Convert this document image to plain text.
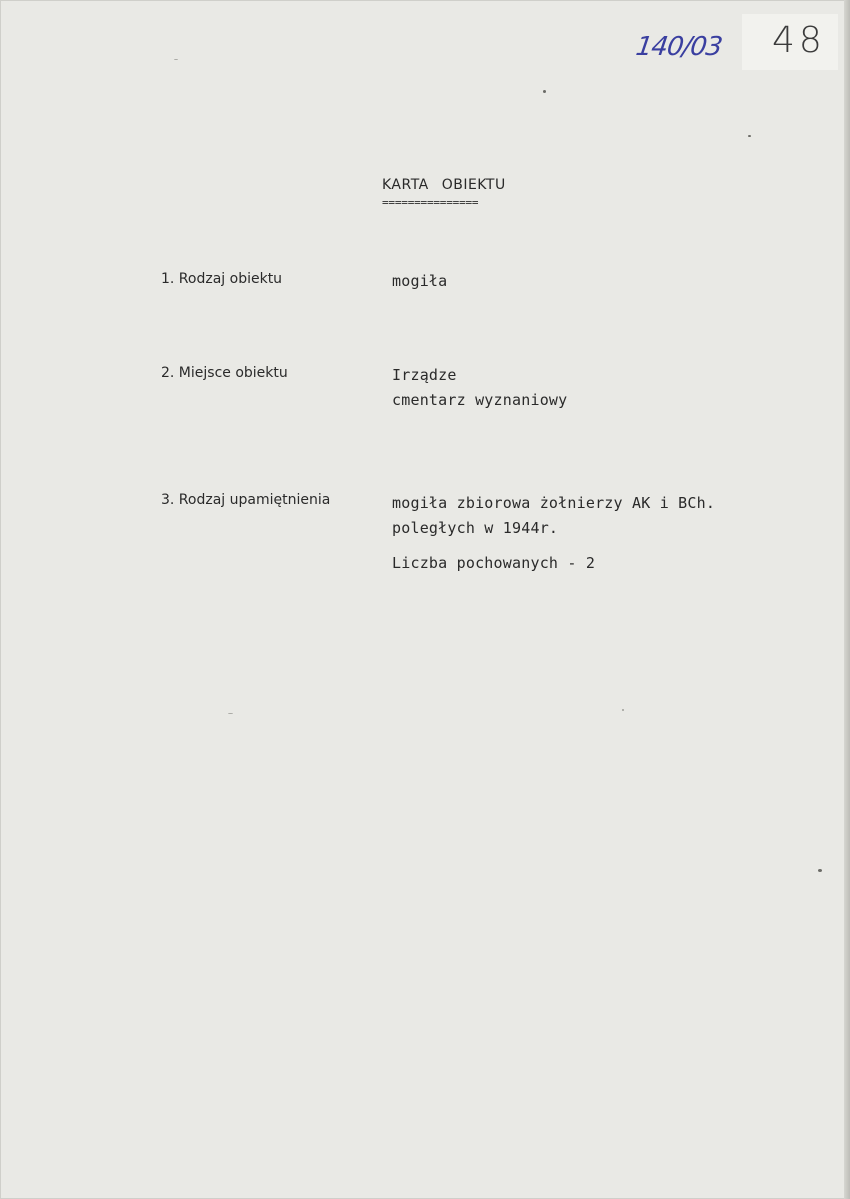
140/03 48
KARTA OBIEKTU
===============
1. Rodzaj obiektu	mogiła
2. Miejsce obiektu	Irządze
cmentarz wyznaniowy
3. Rodzaj upamiętnienia	mogiła zbiorowa żołnierzy AK i BCh.
poległych w 1944r.
Liczba pochowanych - 2
